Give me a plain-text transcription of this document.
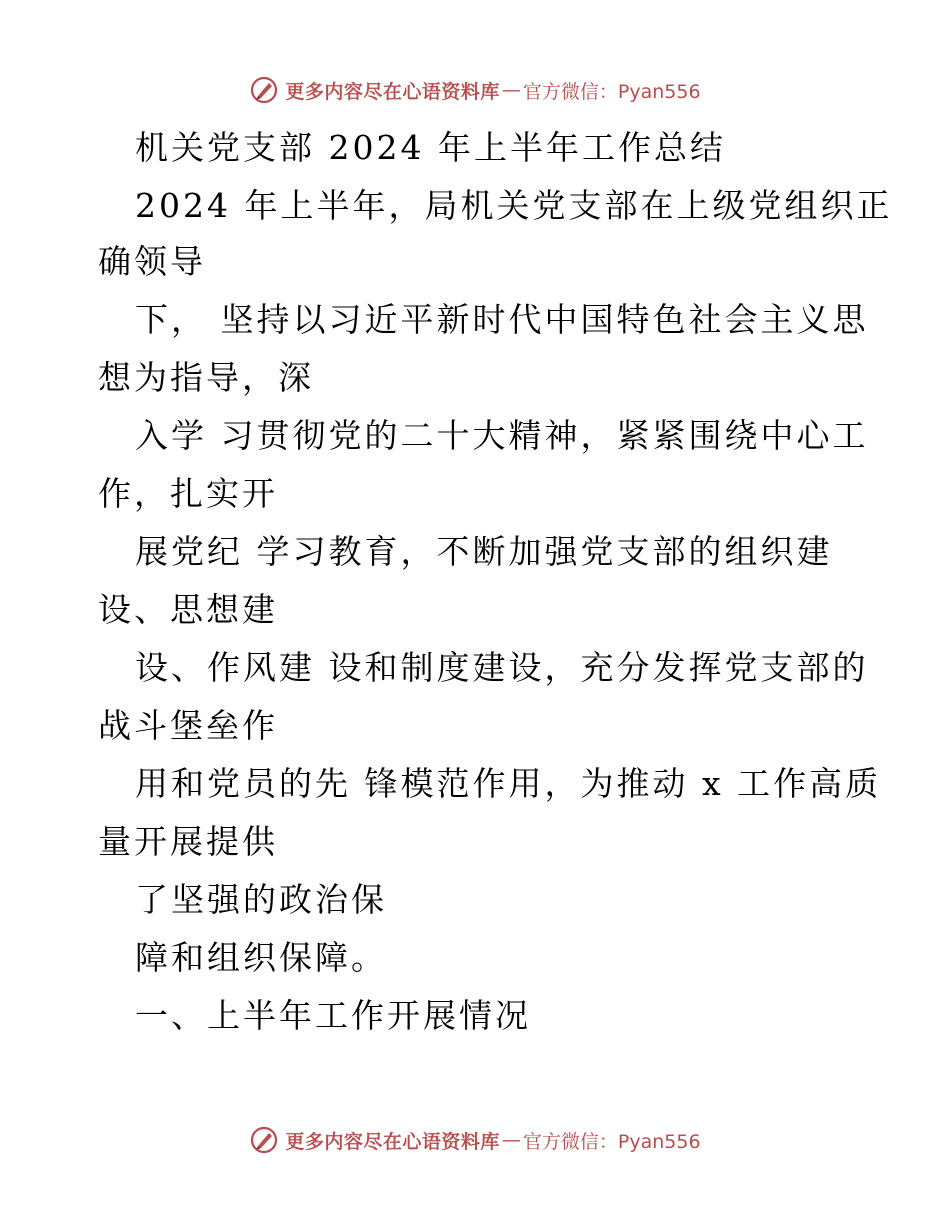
更多内容尽在心语资料库 — 官方微信：Pyan556
机关党支部 2024 年上半年工作总结
2024 年上半年，局机关党支部在上级党组织正
确领导
下， 坚持以习近平新时代中国特色社会主义思
想为指导，深
入学 习贯彻党的二十大精神，紧紧围绕中心工
作，扎实开
展党纪 学习教育，不断加强党支部的组织建
设、思想建
设、作风建 设和制度建设，充分发挥党支部的
战斗堡垒作
用和党员的先 锋模范作用，为推动 x 工作高质
量开展提供
了坚强的政治保
障和组织保障。
一、上半年工作开展情况
更多内容尽在心语资料库 — 官方微信：Pyan556
